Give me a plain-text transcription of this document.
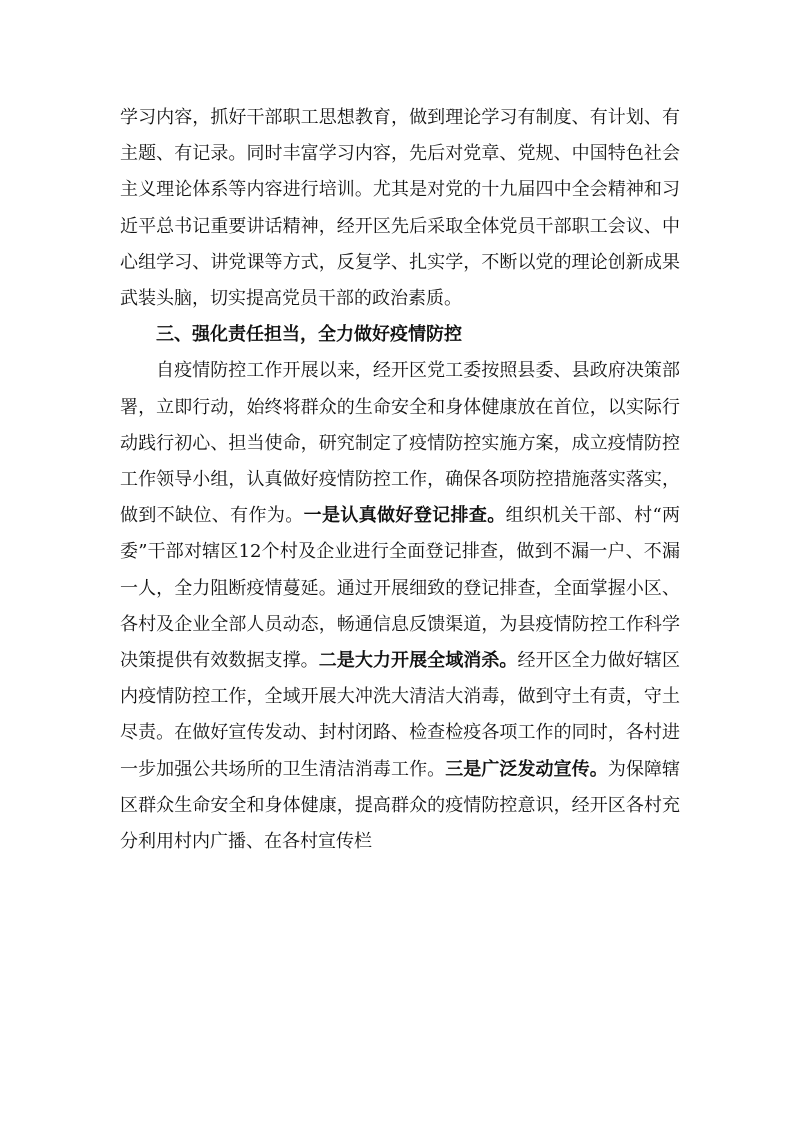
学习内容，抓好干部职工思想教育，做到理论学习有制度、有计划、有主题、有记录。同时丰富学习内容，先后对党章、党规、中国特色社会主义理论体系等内容进行培训。尤其是对党的十九届四中全会精神和习近平总书记重要讲话精神，经开区先后采取全体党员干部职工会议、中心组学习、讲党课等方式，反复学、扎实学，不断以党的理论创新成果武装头脑，切实提高党员干部的政治素质。

三、强化责任担当，全力做好疫情防控

自疫情防控工作开展以来，经开区党工委按照县委、县政府决策部署，立即行动，始终将群众的生命安全和身体健康放在首位，以实际行动践行初心、担当使命，研究制定了疫情防控实施方案，成立疫情防控工作领导小组，认真做好疫情防控工作，确保各项防控措施落实落实，做到不缺位、有作为。一是认真做好登记排查。组织机关干部、村“两委”干部对辖区12个村及企业进行全面登记排查，做到不漏一户、不漏一人，全力阻断疫情蔓延。通过开展细致的登记排查，全面掌握小区、各村及企业全部人员动态，畅通信息反馈渠道，为县疫情防控工作科学决策提供有效数据支撑。二是大力开展全域消杀。经开区全力做好辖区内疫情防控工作，全域开展大冲洗大清洁大消毒，做到守土有责，守土尽责。在做好宣传发动、封村闭路、检查检疫各项工作的同时，各村进一步加强公共场所的卫生清洁消毒工作。三是广泛发动宣传。为保障辖区群众生命安全和身体健康，提高群众的疫情防控意识，经开区各村充分利用村内广播、在各村宣传栏
